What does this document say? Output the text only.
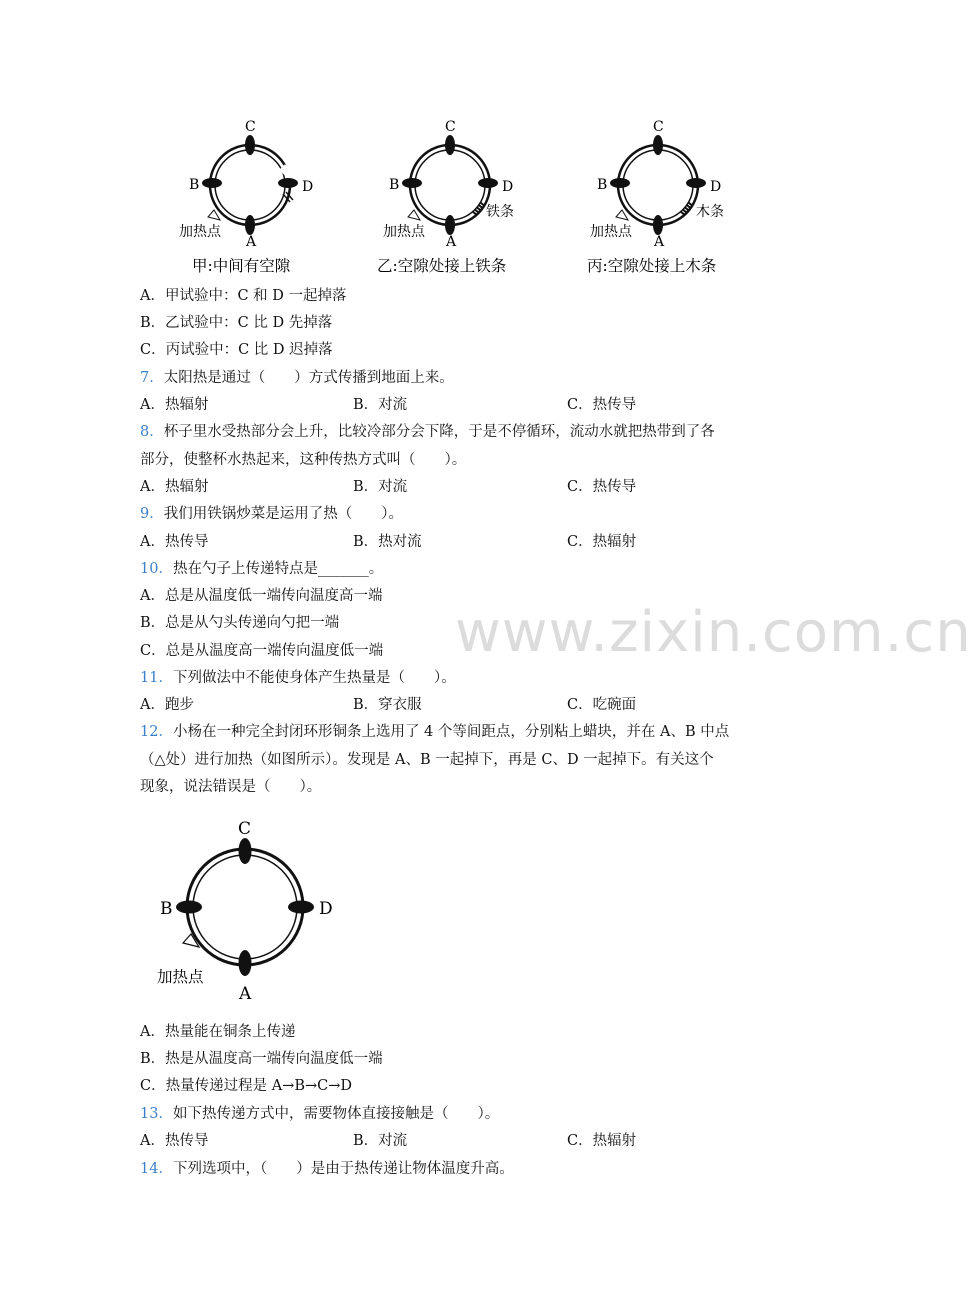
C
B	D
A
加热点
甲:中间有空隙
C
B	D
A
加热点
铁条
乙:空隙处接上铁条
C
B	D
A
加热点
木条
丙:空隙处接上木条
A．甲试验中：C 和 D 一起掉落
B．乙试验中：C 比 D 先掉落
C．丙试验中：C 比 D 迟掉落
7．太阳热是通过（　　）方式传播到地面上来。
A．热辐射	B．对流	C．热传导
8．杯子里水受热部分会上升，比较冷部分会下降，于是不停循环，流动水就把热带到了各
部分，使整杯水热起来，这种传热方式叫（　　）。
A．热辐射	B．对流	C．热传导
9．我们用铁锅炒菜是运用了热（　　）。
A．热传导	B．热对流	C．热辐射
10．热在勺子上传递特点是_______。
A．总是从温度低一端传向温度高一端
B．总是从勺头传递向勺把一端
C．总是从温度高一端传向温度低一端 www.zixin.com.cn
11．下列做法中不能使身体产生热量是（　　）。
A．跑步	B．穿衣服	C．吃碗面
12．小杨在一种完全封闭环形铜条上选用了 4 个等间距点，分别粘上蜡块，并在 A、B 中点
（△处）进行加热（如图所示）。发现是 A、B 一起掉下，再是 C、D 一起掉下。有关这个
现象，说法错误是（　　）。
C
B	D
A
加热点
A．热量能在铜条上传递
B．热是从温度高一端传向温度低一端
C．热量传递过程是 A→B→C→D
13．如下热传递方式中，需要物体直接接触是（　　）。
A．热传导	B．对流	C．热辐射
14．下列选项中，（　　）是由于热传递让物体温度升高。
